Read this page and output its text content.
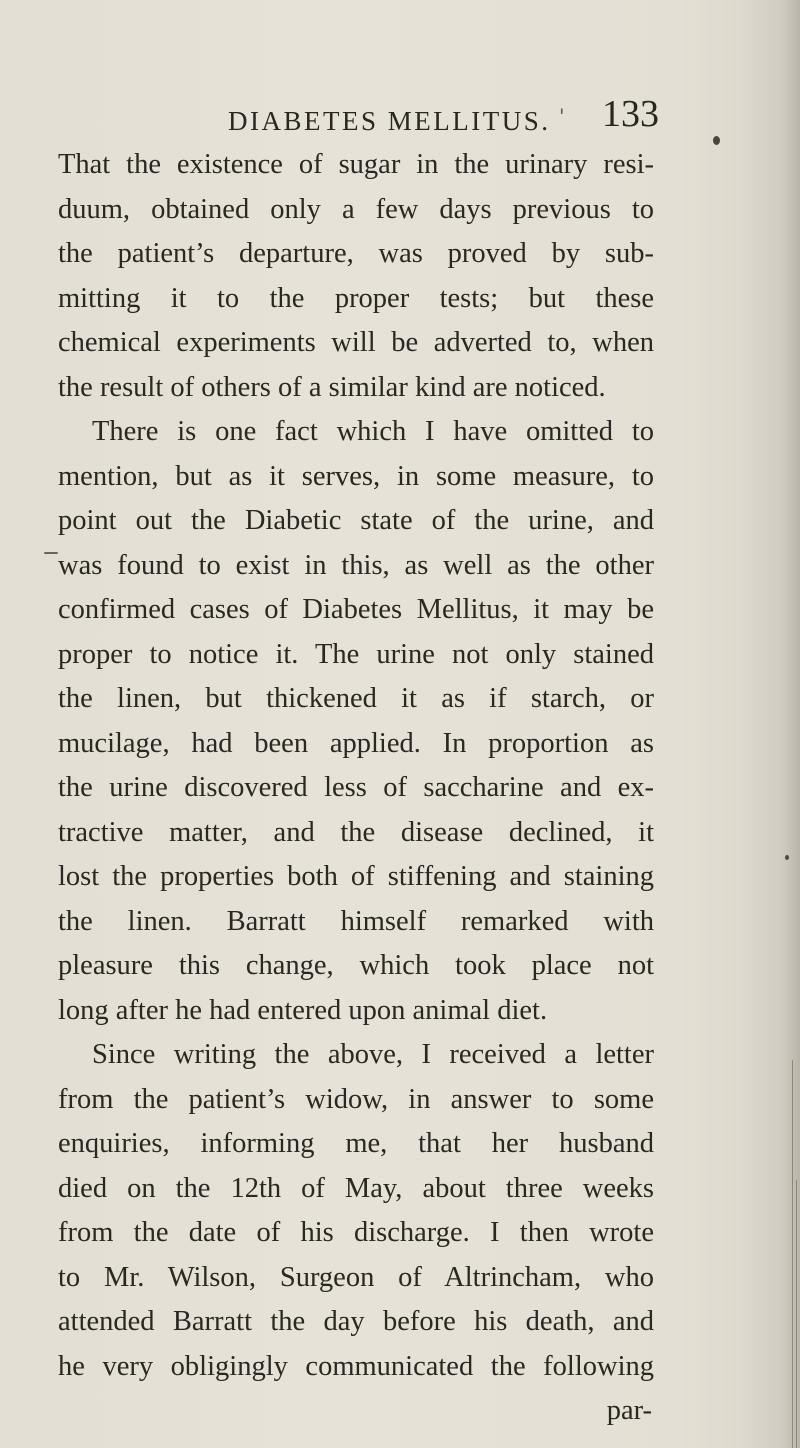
DIABETES MELLITUS. ' 133
That the existence of sugar in the urinary resi-
duum, obtained only a few days previous to
the patient’s departure, was proved by sub-
mitting it to the proper tests; but these
chemical experiments will be adverted to, when
the result of others of a similar kind are noticed.
There is one fact which I have omitted to
mention, but as it serves, in some measure, to
point out the Diabetic state of the urine, and
was found to exist in this, as well as the other
confirmed cases of Diabetes Mellitus, it may be
proper to notice it. The urine not only stained
the linen, but thickened it as if starch, or
mucilage, had been applied. In proportion as
the urine discovered less of saccharine and ex-
tractive matter, and the disease declined, it
lost the properties both of stiffening and staining
the linen. Barratt himself remarked with
pleasure this change, which took place not
long after he had entered upon animal diet.
Since writing the above, I received a letter
from the patient’s widow, in answer to some
enquiries, informing me, that her husband
died on the 12th of May, about three weeks
from the date of his discharge. I then wrote
to Mr. Wilson, Surgeon of Altrincham, who
attended Barratt the day before his death, and
he very obligingly communicated the following
par-
